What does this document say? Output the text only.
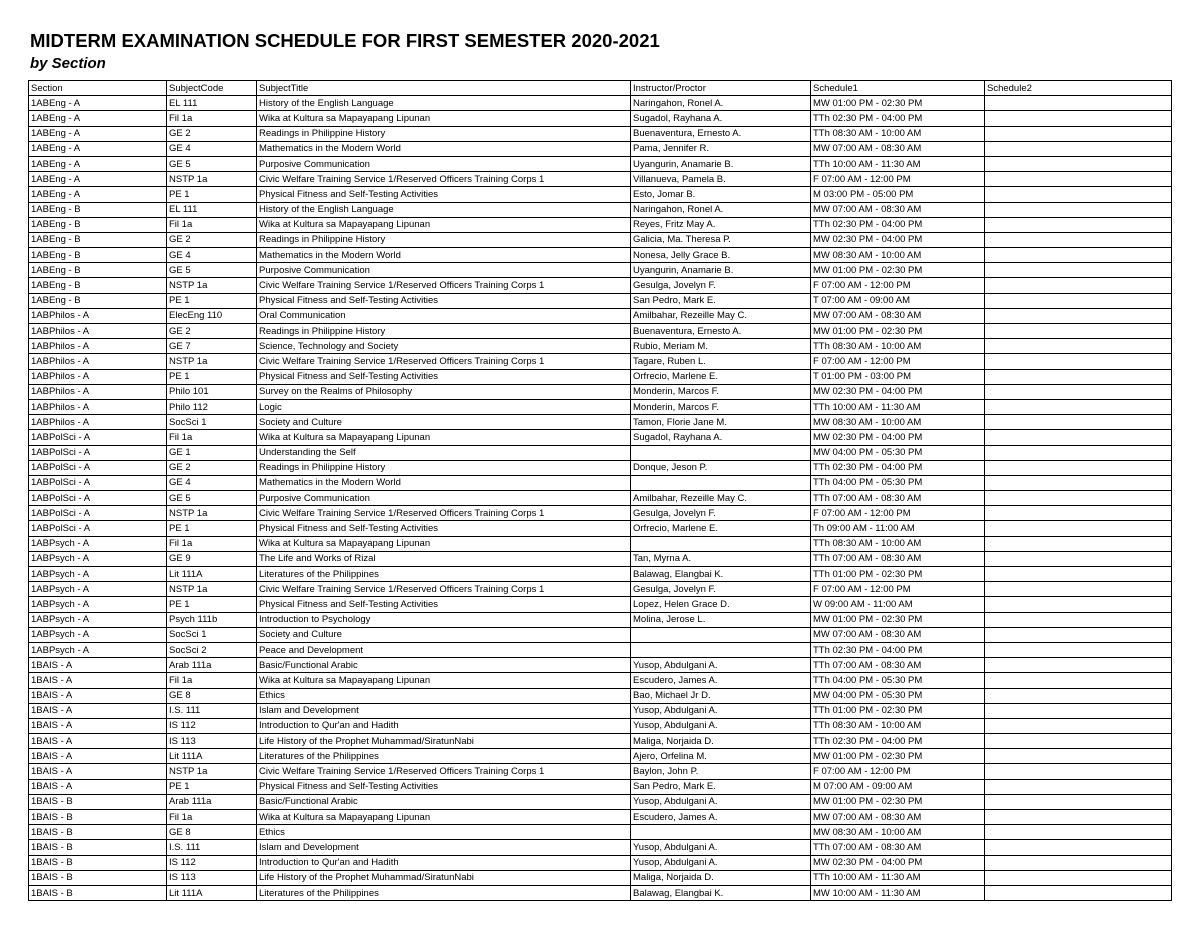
MIDTERM EXAMINATION SCHEDULE FOR FIRST SEMESTER 2020-2021
by Section
Section	SubjectCode	SubjectTitle	Instructor/Proctor	Schedule1	Schedule2
1ABEng - A	EL 111	History of the English Language	Naringahon, Ronel A.	MW 01:00 PM - 02:30 PM	
1ABEng - A	Fil 1a	Wika at Kultura sa Mapayapang Lipunan	Sugadol, Rayhana A.	TTh 02:30 PM - 04:00 PM	
1ABEng - A	GE 2	Readings in Philippine History	Buenaventura, Ernesto A.	TTh 08:30 AM - 10:00 AM	
1ABEng - A	GE 4	Mathematics in the Modern World	Pama, Jennifer R.	MW 07:00 AM - 08:30 AM	
1ABEng - A	GE 5	Purposive Communication	Uyangurin, Anamarie B.	TTh 10:00 AM - 11:30 AM	
1ABEng - A	NSTP 1a	Civic Welfare Training Service 1/Reserved Officers Training Corps 1	Villanueva, Pamela B.	F 07:00 AM - 12:00 PM	
1ABEng - A	PE 1	Physical Fitness and Self-Testing Activities	Esto, Jomar B.	M 03:00 PM - 05:00 PM	
1ABEng - B	EL 111	History of the English Language	Naringahon, Ronel A.	MW 07:00 AM - 08:30 AM	
1ABEng - B	Fil 1a	Wika at Kultura sa Mapayapang Lipunan	Reyes, Fritz May A.	TTh 02:30 PM - 04:00 PM	
1ABEng - B	GE 2	Readings in Philippine History	Galicia, Ma. Theresa P.	MW 02:30 PM - 04:00 PM	
1ABEng - B	GE 4	Mathematics in the Modern World	Nonesa, Jelly Grace B.	MW 08:30 AM - 10:00 AM	
1ABEng - B	GE 5	Purposive Communication	Uyangurin, Anamarie B.	MW 01:00 PM - 02:30 PM	
1ABEng - B	NSTP 1a	Civic Welfare Training Service 1/Reserved Officers Training Corps 1	Gesulga, Jovelyn F.	F 07:00 AM - 12:00 PM	
1ABEng - B	PE 1	Physical Fitness and Self-Testing Activities	San Pedro, Mark E.	T 07:00 AM - 09:00 AM	
1ABPhilos - A	ElecEng 110	Oral Communication	Amilbahar, Rezeille May C.	MW 07:00 AM - 08:30 AM	
1ABPhilos - A	GE 2	Readings in Philippine History	Buenaventura, Ernesto A.	MW 01:00 PM - 02:30 PM	
1ABPhilos - A	GE 7	Science, Technology and Society	Rubio, Meriam M.	TTh 08:30 AM - 10:00 AM	
1ABPhilos - A	NSTP 1a	Civic Welfare Training Service 1/Reserved Officers Training Corps 1	Tagare, Ruben L.	F 07:00 AM - 12:00 PM	
1ABPhilos - A	PE 1	Physical Fitness and Self-Testing Activities	Orfrecio, Marlene E.	T 01:00 PM - 03:00 PM	
1ABPhilos - A	Philo 101	Survey on the Realms of Philosophy	Monderin, Marcos F.	MW 02:30 PM - 04:00 PM	
1ABPhilos - A	Philo 112	Logic	Monderin, Marcos F.	TTh 10:00 AM - 11:30 AM	
1ABPhilos - A	SocSci 1	Society and Culture	Tamon, Florie Jane M.	MW 08:30 AM - 10:00 AM	
1ABPolSci - A	Fil 1a	Wika at Kultura sa Mapayapang Lipunan	Sugadol, Rayhana A.	MW 02:30 PM - 04:00 PM	
1ABPolSci - A	GE 1	Understanding the Self		MW 04:00 PM - 05:30 PM	
1ABPolSci - A	GE 2	Readings in Philippine History	Donque, Jeson P.	TTh 02:30 PM - 04:00 PM	
1ABPolSci - A	GE 4	Mathematics in the Modern World		TTh 04:00 PM - 05:30 PM	
1ABPolSci - A	GE 5	Purposive Communication	Amilbahar, Rezeille May C.	TTh 07:00 AM - 08:30 AM	
1ABPolSci - A	NSTP 1a	Civic Welfare Training Service 1/Reserved Officers Training Corps 1	Gesulga, Jovelyn F.	F 07:00 AM - 12:00 PM	
1ABPolSci - A	PE 1	Physical Fitness and Self-Testing Activities	Orfrecio, Marlene E.	Th 09:00 AM - 11:00 AM	
1ABPsych - A	Fil 1a	Wika at Kultura sa Mapayapang Lipunan		TTh 08:30 AM - 10:00 AM	
1ABPsych - A	GE 9	The Life and Works of Rizal	Tan, Myrna A.	TTh 07:00 AM - 08:30 AM	
1ABPsych - A	Lit 111A	Literatures of the Philippines	Balawag, Elangbai K.	TTh 01:00 PM - 02:30 PM	
1ABPsych - A	NSTP 1a	Civic Welfare Training Service 1/Reserved Officers Training Corps 1	Gesulga, Jovelyn F.	F 07:00 AM - 12:00 PM	
1ABPsych - A	PE 1	Physical Fitness and Self-Testing Activities	Lopez, Helen Grace D.	W 09:00 AM - 11:00 AM	
1ABPsych - A	Psych 111b	Introduction to Psychology	Molina, Jerose L.	MW 01:00 PM - 02:30 PM	
1ABPsych - A	SocSci 1	Society and Culture		MW 07:00 AM - 08:30 AM	
1ABPsych - A	SocSci 2	Peace and Development		TTh 02:30 PM - 04:00 PM	
1BAIS - A	Arab 111a	Basic/Functional Arabic	Yusop, Abdulgani A.	TTh 07:00 AM - 08:30 AM	
1BAIS - A	Fil 1a	Wika at Kultura sa Mapayapang Lipunan	Escudero, James A.	TTh 04:00 PM - 05:30 PM	
1BAIS - A	GE 8	Ethics	Bao, Michael Jr D.	MW 04:00 PM - 05:30 PM	
1BAIS - A	I.S. 111	Islam and Development	Yusop, Abdulgani A.	TTh 01:00 PM - 02:30 PM	
1BAIS - A	IS 112	Introduction to Qur'an and Hadith	Yusop, Abdulgani A.	TTh 08:30 AM - 10:00 AM	
1BAIS - A	IS 113	Life History of the Prophet Muhammad/SiratunNabi	Maliga, Norjaida D.	TTh 02:30 PM - 04:00 PM	
1BAIS - A	Lit 111A	Literatures of the Philippines	Ajero, Orfelina M.	MW 01:00 PM - 02:30 PM	
1BAIS - A	NSTP 1a	Civic Welfare Training Service 1/Reserved Officers Training Corps 1	Baylon, John P.	F 07:00 AM - 12:00 PM	
1BAIS - A	PE 1	Physical Fitness and Self-Testing Activities	San Pedro, Mark E.	M 07:00 AM - 09:00 AM	
1BAIS - B	Arab 111a	Basic/Functional Arabic	Yusop, Abdulgani A.	MW 01:00 PM - 02:30 PM	
1BAIS - B	Fil 1a	Wika at Kultura sa Mapayapang Lipunan	Escudero, James A.	MW 07:00 AM - 08:30 AM	
1BAIS - B	GE 8	Ethics		MW 08:30 AM - 10:00 AM	
1BAIS - B	I.S. 111	Islam and Development	Yusop, Abdulgani A.	TTh 07:00 AM - 08:30 AM	
1BAIS - B	IS 112	Introduction to Qur'an and Hadith	Yusop, Abdulgani A.	MW 02:30 PM - 04:00 PM	
1BAIS - B	IS 113	Life History of the Prophet Muhammad/SiratunNabi	Maliga, Norjaida D.	TTh 10:00 AM - 11:30 AM	
1BAIS - B	Lit 111A	Literatures of the Philippines	Balawag, Elangbai K.	MW 10:00 AM - 11:30 AM	
